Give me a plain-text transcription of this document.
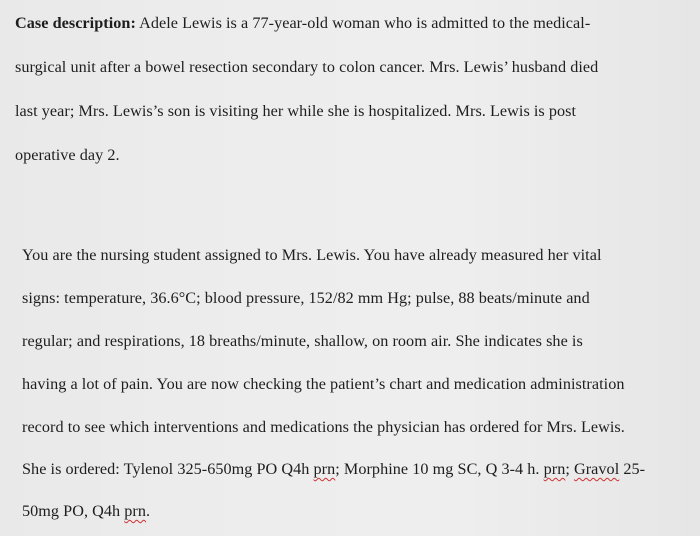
Case description: Adele Lewis is a 77-year-old woman who is admitted to the medical-
surgical unit after a bowel resection secondary to colon cancer. Mrs. Lewis’ husband died
last year; Mrs. Lewis’s son is visiting her while she is hospitalized. Mrs. Lewis is post
operative day 2.
You are the nursing student assigned to Mrs. Lewis. You have already measured her vital
signs: temperature, 36.6°C; blood pressure, 152/82 mm Hg; pulse, 88 beats/minute and
regular; and respirations, 18 breaths/minute, shallow, on room air. She indicates she is
having a lot of pain. You are now checking the patient’s chart and medication administration
record to see which interventions and medications the physician has ordered for Mrs. Lewis.
She is ordered: Tylenol 325-650mg PO Q4h prn; Morphine 10 mg SC, Q 3-4 h. prn; Gravol 25-
50mg PO, Q4h prn.
